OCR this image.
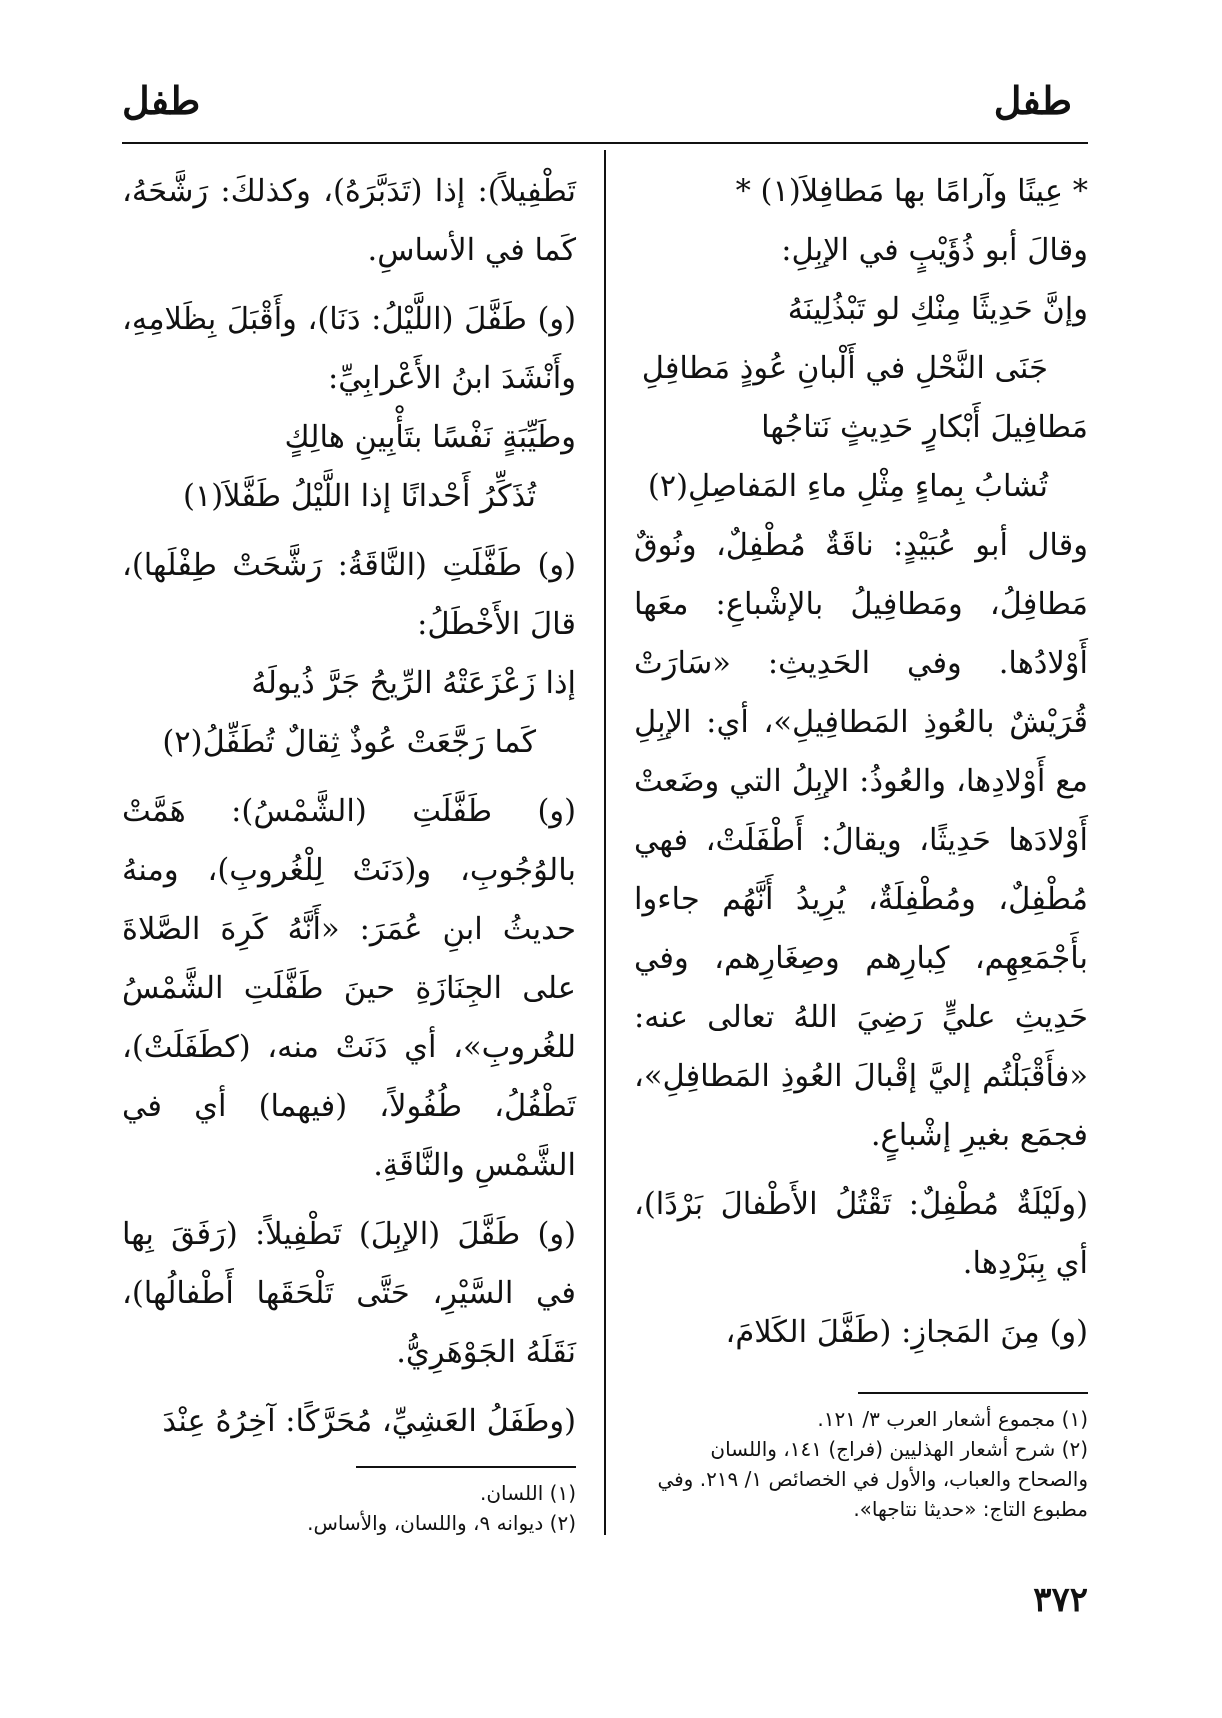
طفل
طفل

* عِينًا وآرامًا بها مَطافِلاَ(١) *

وقالَ أبو ذُؤَيْبٍ في الإبِلِ:

وإنَّ حَدِيثًا مِنْكِ لو تَبْذُلِينَهُ

جَنَى النَّحْلِ في أَلْبانِ عُوذٍ مَطافِلِ

مَطافِيلَ أَبْكارٍ حَدِيثٍ نَتاجُها

تُشابُ بِماءٍ مِثْلِ ماءِ المَفاصِلِ(٢)

وقال أبو عُبَيْدٍ: ناقَةٌ مُطْفِلٌ، ونُوقٌ مَطافِلُ، ومَطافِيلُ بالإشْباعِ: معَها أَوْلادُها. وفي الحَدِيثِ: «سَارَتْ قُرَيْشٌ بالعُوذِ المَطافِيلِ»، أي: الإبِلِ مع أَوْلادِها، والعُوذُ: الإبِلُ التي وضَعتْ أَوْلادَها حَدِيثًا، ويقالُ: أَطْفَلَتْ، فهي مُطْفِلٌ، ومُطْفِلَةٌ، يُرِيدُ أَنَّهُم جاءوا بأَجْمَعِهِم، كِبارِهم وصِغَارِهم، وفي حَدِيثِ عليٍّ رَضِيَ اللهُ تعالى عنه: «فأَقْبَلْتُم إليَّ إقْبالَ العُوذِ المَطافِلِ»، فجمَع بغيرِ إشْباعٍ.

(ولَيْلَةٌ مُطْفِلٌ: تَقْتُلُ الأَطْفالَ بَرْدًا)، أي بِبَرْدِها.

(و) مِنَ المَجازِ: (طَفَّلَ الكَلامَ،

تَطْفِيلاً): إذا (تَدَبَّرَهُ)، وكذلكَ: رَشَّحَهُ، كَما في الأساسِ.

(و) طَفَّلَ (اللَّيْلُ: دَنَا)، وأَقْبَلَ بِظَلامِهِ، وأَنْشَدَ ابنُ الأَعْرابِيِّ:

وطَيِّبَةٍ نَفْسًا بتَأْبِينِ هالِكٍ

تُذَكِّرُ أَحْدانًا إذا اللَّيْلُ طَفَّلاَ(١)

(و) طَفَّلَتِ (النَّاقَةُ: رَشَّحَتْ طِفْلَها)، قالَ الأَخْطَلُ:

إذا زَعْزَعَتْهُ الرِّيحُ جَرَّ ذُيولَهُ

كَما رَجَّعَتْ عُوذٌ ثِقالٌ تُطَفِّلُ(٢)

(و) طَفَّلَتِ (الشَّمْسُ): هَمَّتْ بالوُجُوبِ، و(دَنَتْ لِلْغُروبِ)، ومنهُ حديثُ ابنِ عُمَرَ: «أَنَّهُ كَرِهَ الصَّلاةَ على الجِنَازَةِ حينَ طَفَّلَتِ الشَّمْسُ للغُروبِ»، أي دَنَتْ منه، (كطَفَلَتْ)، تَطْفُلُ، طُفُولاً، (فيهما) أي في الشَّمْسِ والنَّاقَةِ.

(و) طَفَّلَ (الإبِلَ) تَطْفِيلاً: (رَفَقَ بِها في السَّيْرِ، حَتَّى تَلْحَقَها أَطْفالُها)، نَقَلَهُ الجَوْهَرِيُّ.

(وطَفَلُ العَشِيِّ، مُحَرَّكًا: آخِرُهُ عِنْدَ	(١) مجموع أشعار العرب ٣/ ١٢١.
(٢) شرح أشعار الهذليين (فراج) ١٤١، واللسان والصحاح والعباب، والأول في الخصائص ١/ ٢١٩. وفي مطبوع التاج: «حديثا نتاجها».
(١) اللسان.
(٢) ديوانه ٩، واللسان، والأساس.
٣٧٢
